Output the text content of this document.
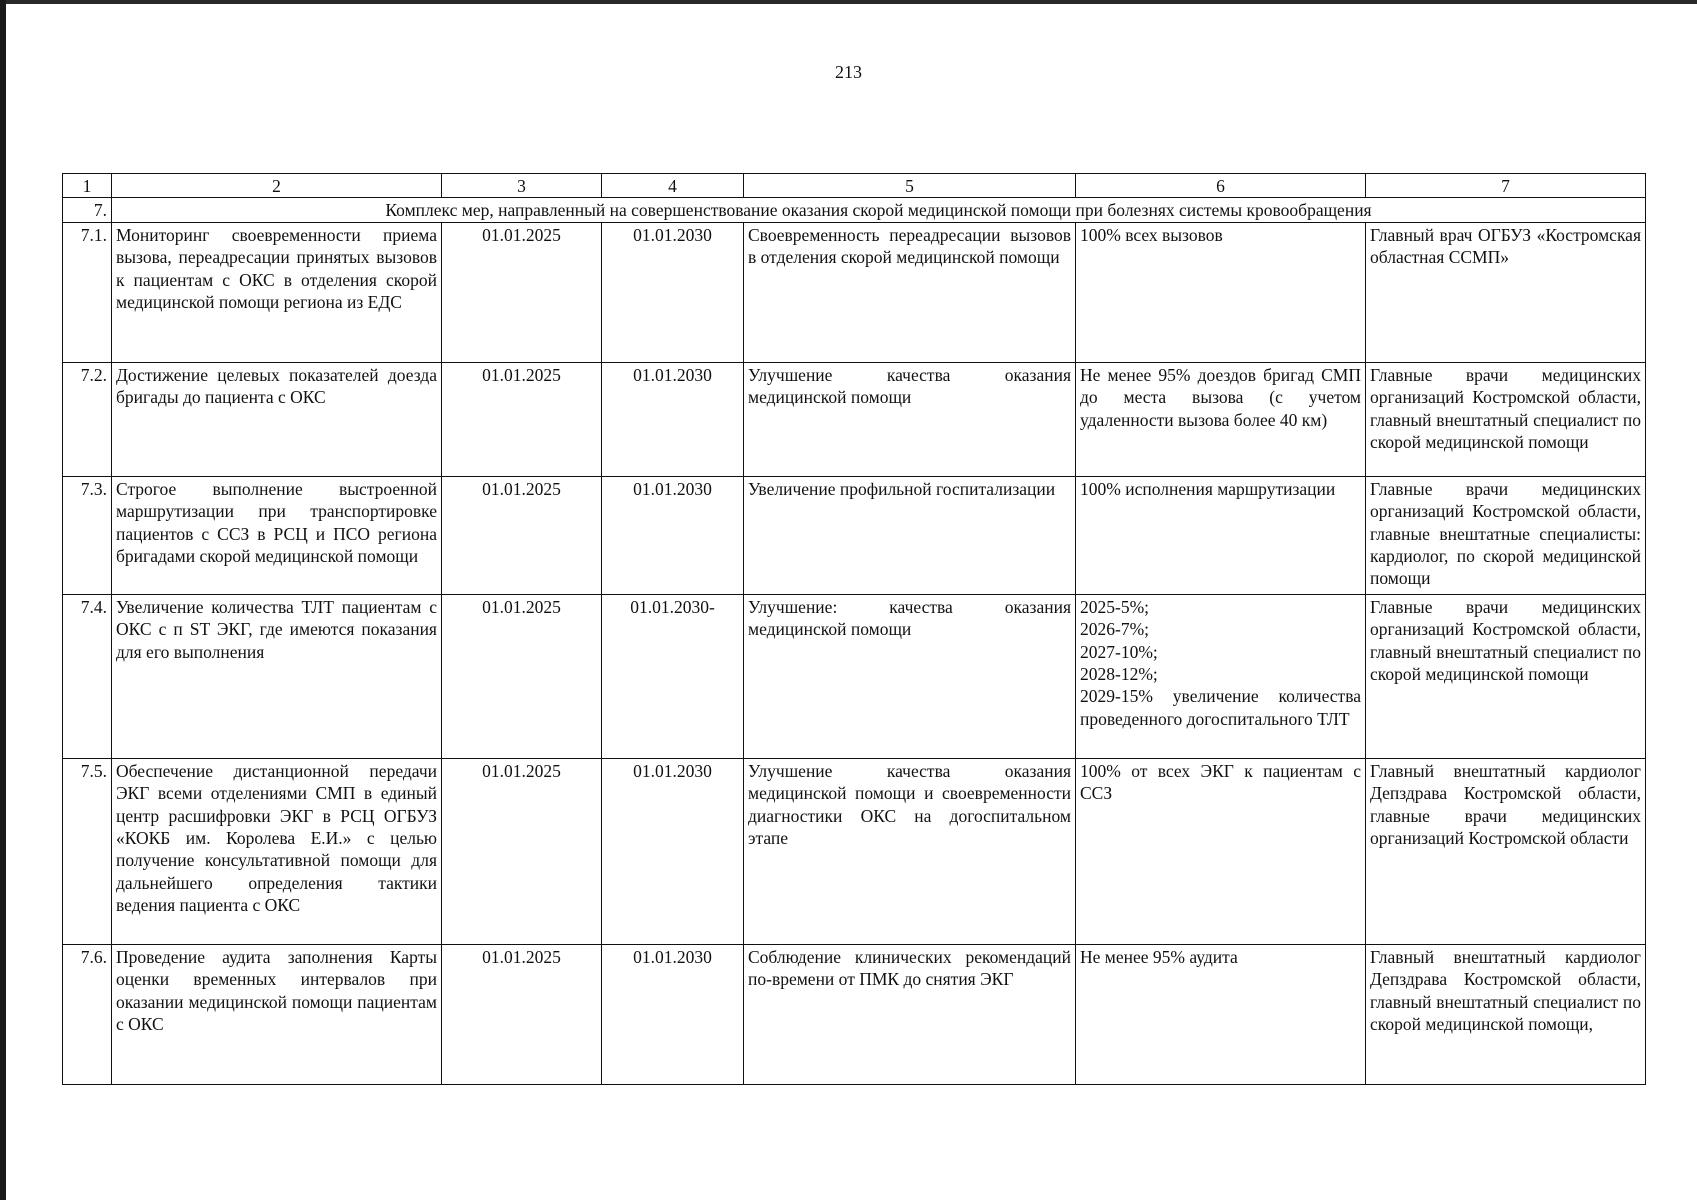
213
1	2	3	4	5	6	7
7.	Комплекс мер, направленный на совершенствование оказания скорой медицинской помощи при болезнях системы кровообращения					
7.1.	Мониторинг своевременности приема вызова, переадресации принятых вызовов к пациентам с ОКС в отделения скорой медицинской помощи региона из ЕДС	01.01.2025	01.01.2030	Своевременность переадресации вызовов в отделения скорой медицинской помощи	100% всех вызовов	Главный врач ОГБУЗ «Костромская областная ССМП»
7.2.	Достижение целевых показателей доезда бригады до пациента с ОКС	01.01.2025	01.01.2030	Улучшение качества оказания медицинской помощи	Не менее 95% доездов бригад СМП до места вызова (с учетом удаленности вызова более 40 км)	Главные врачи медицинских организаций Костромской области, главный внештатный специалист по скорой медицинской помощи
7.3.	Строгое выполнение выстроенной маршрутизации при транспортировке пациентов с ССЗ в РСЦ и ПСО региона бригадами скорой медицинской помощи	01.01.2025	01.01.2030	Увеличение профильной госпитализации	100% исполнения маршрутизации	Главные врачи медицинских организаций Костромской области, главные внештатные специалисты: кардиолог, по скорой медицинской помощи
7.4.	Увеличение количества ТЛТ пациентам с ОКС с п ST ЭКГ, где имеются показания для его выполнения	01.01.2025	01.01.2030-	Улучшение: качества оказания медицинской помощи	2025-5%;
2026-7%;
2027-10%;
2028-12%;
2029-15% увеличение количества проведенного догоспитального ТЛТ	Главные врачи медицинских организаций Костромской области, главный внештатный специалист по скорой медицинской помощи
7.5.	Обеспечение дистанционной передачи ЭКГ всеми отделениями СМП в единый центр расшифровки ЭКГ в РСЦ ОГБУЗ «КОКБ им. Королева Е.И.» с целью получение консультативной помощи для дальнейшего определения тактики ведения пациента с ОКС	01.01.2025	01.01.2030	Улучшение качества оказания медицинской помощи и своевременности диагностики ОКС на догоспитальном этапе	100% от всех ЭКГ к пациентам с ССЗ	Главный внештатный кардиолог Депздрава Костромской области, главные врачи медицинских организаций Костромской области
7.6.	Проведение аудита заполнения Карты оценки временных интервалов при оказании медицинской помощи пациентам с ОКС	01.01.2025	01.01.2030	Соблюдение клинических рекомендаций по-времени от ПМК до снятия ЭКГ	Не менее 95% аудита	Главный внештатный кардиолог Депздрава Костромской области, главный внештатный специалист по скорой медицинской помощи,
